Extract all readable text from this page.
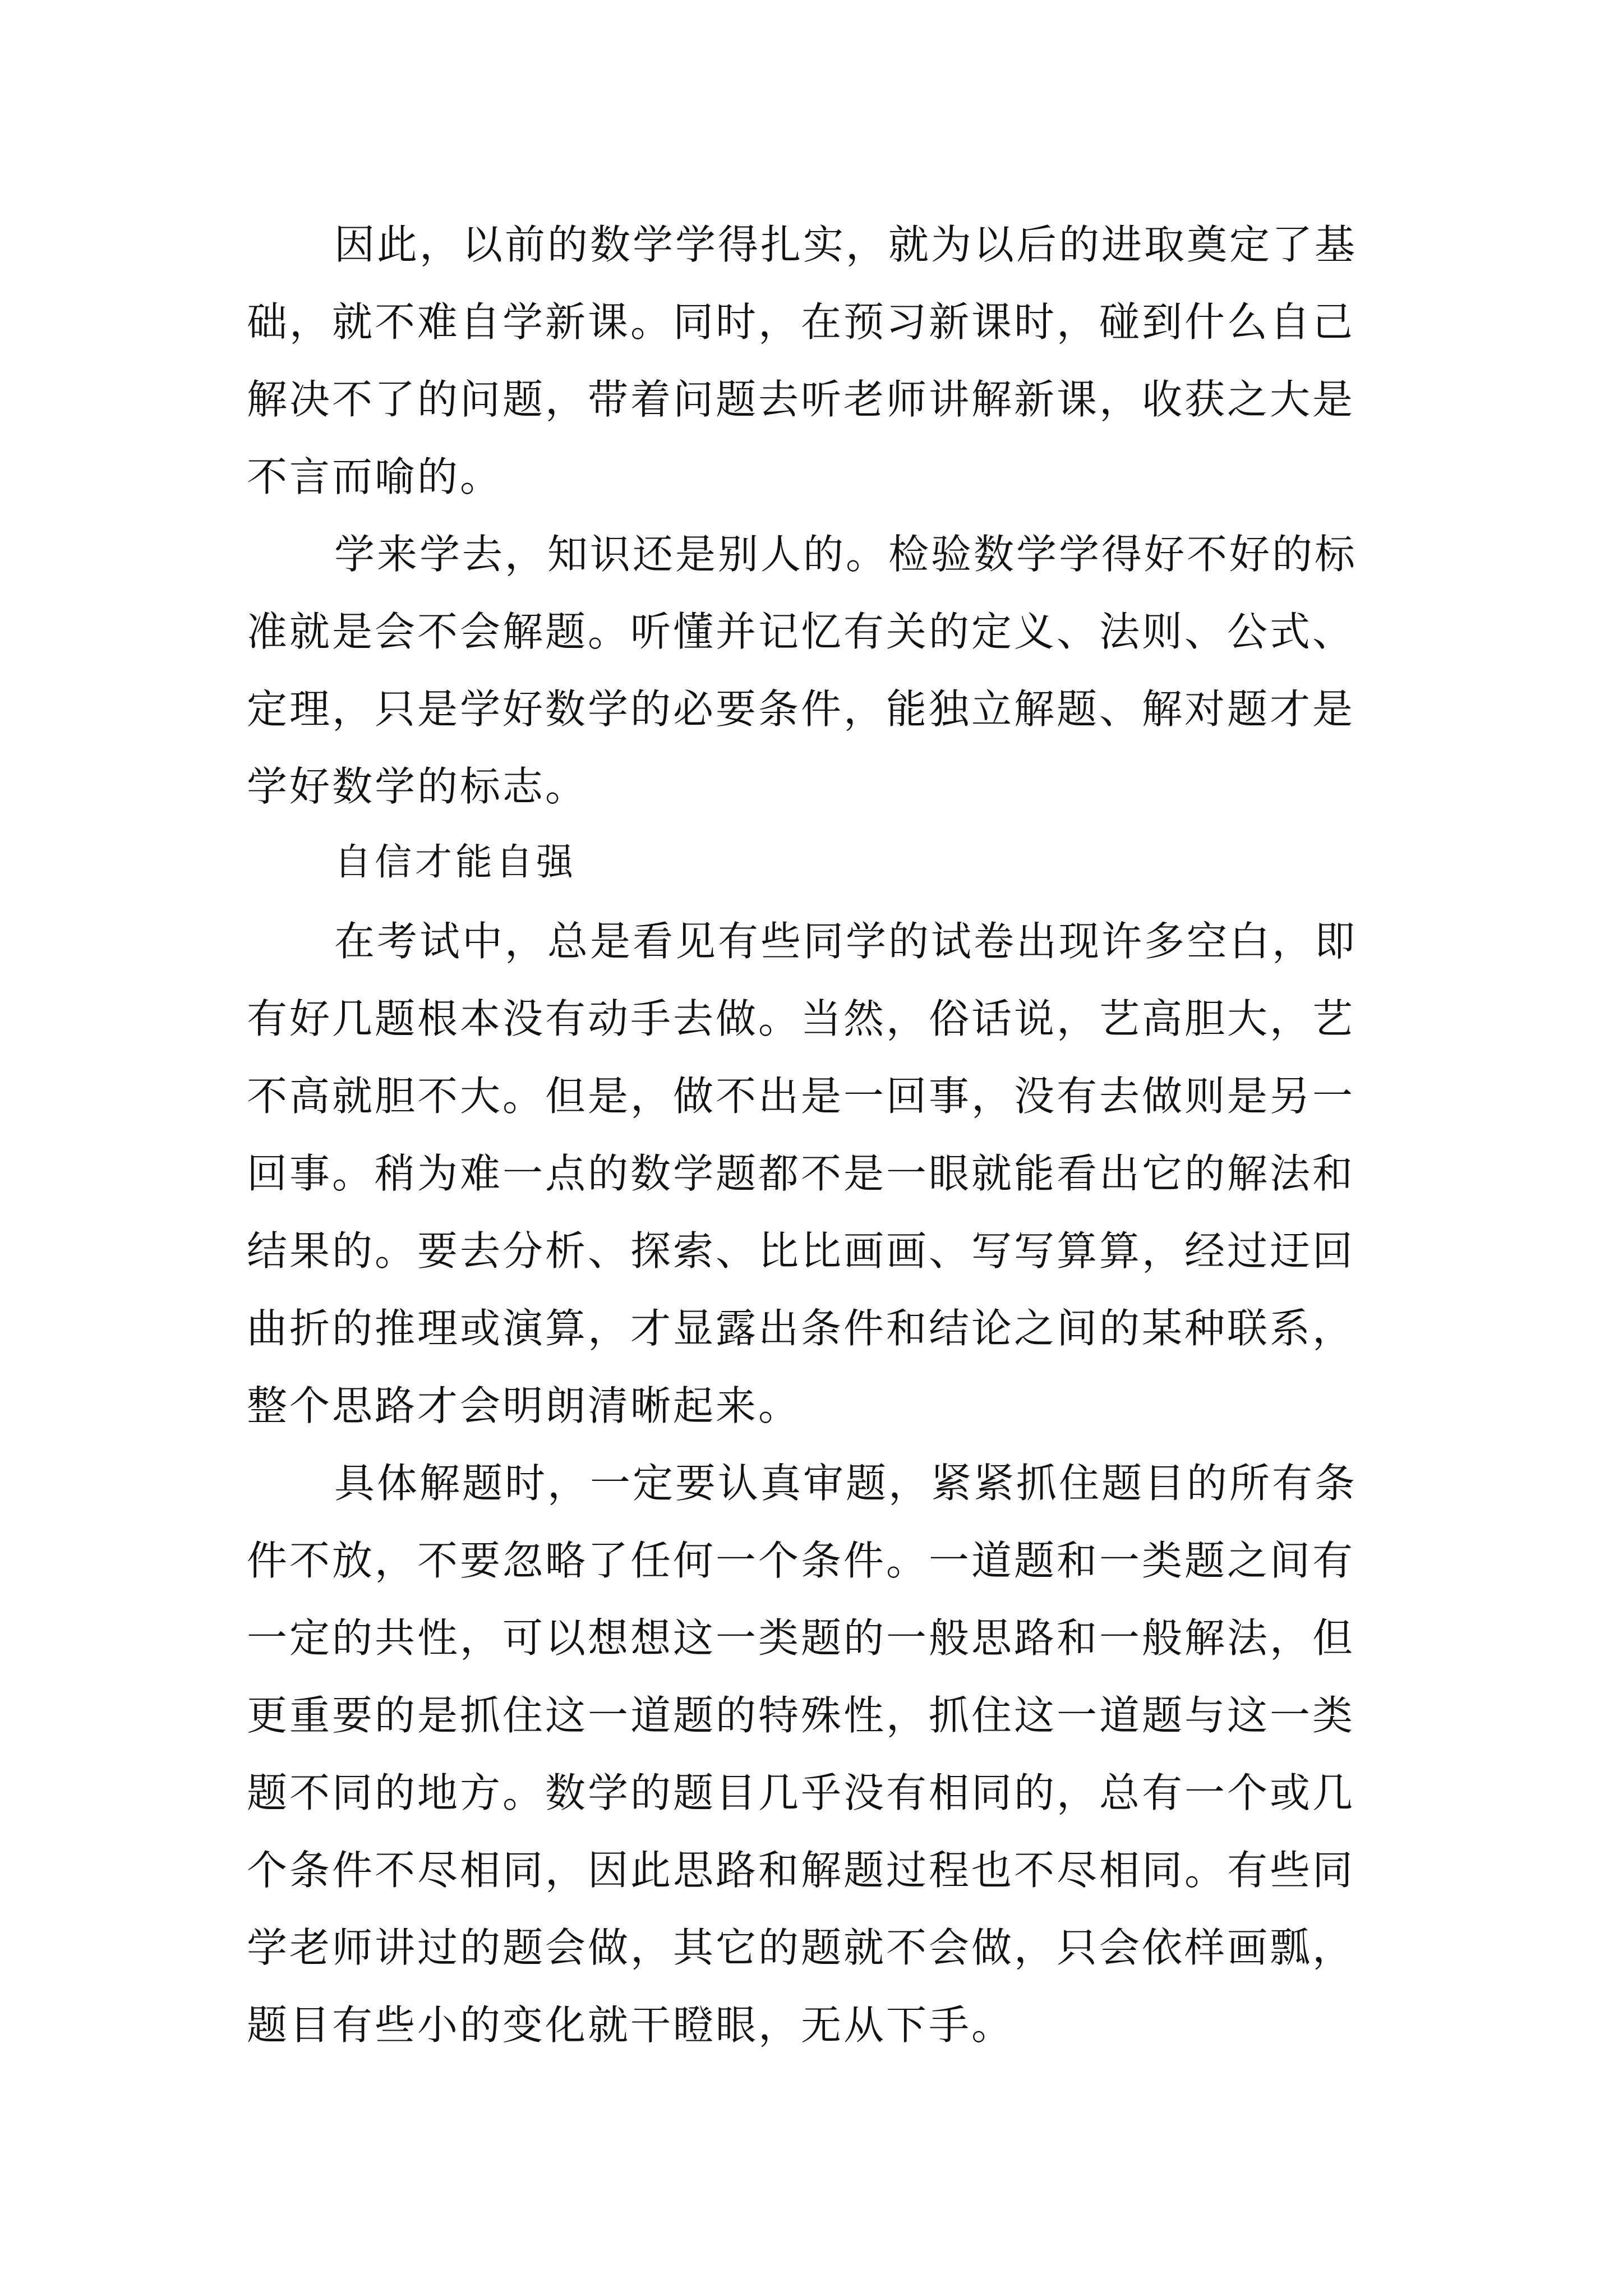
因此，以前的数学学得扎实，就为以后的进取奠定了基
础，就不难自学新课。同时，在预习新课时，碰到什么自己
解决不了的问题，带着问题去听老师讲解新课，收获之大是
不言而喻的。
学来学去，知识还是别人的。检验数学学得好不好的标
准就是会不会解题。听懂并记忆有关的定义、法则、公式、
定理，只是学好数学的必要条件，能独立解题、解对题才是
学好数学的标志。
自信才能自强
在考试中，总是看见有些同学的试卷出现许多空白，即
有好几题根本没有动手去做。当然，俗话说，艺高胆大，艺
不高就胆不大。但是，做不出是一回事，没有去做则是另一
回事。稍为难一点的数学题都不是一眼就能看出它的解法和
结果的。要去分析、探索、比比画画、写写算算，经过迂回
曲折的推理或演算，才显露出条件和结论之间的某种联系，
整个思路才会明朗清晰起来。
具体解题时，一定要认真审题，紧紧抓住题目的所有条
件不放，不要忽略了任何一个条件。一道题和一类题之间有
一定的共性，可以想想这一类题的一般思路和一般解法，但
更重要的是抓住这一道题的特殊性，抓住这一道题与这一类
题不同的地方。数学的题目几乎没有相同的，总有一个或几
个条件不尽相同，因此思路和解题过程也不尽相同。有些同
学老师讲过的题会做，其它的题就不会做，只会依样画瓢，
题目有些小的变化就干瞪眼，无从下手。
